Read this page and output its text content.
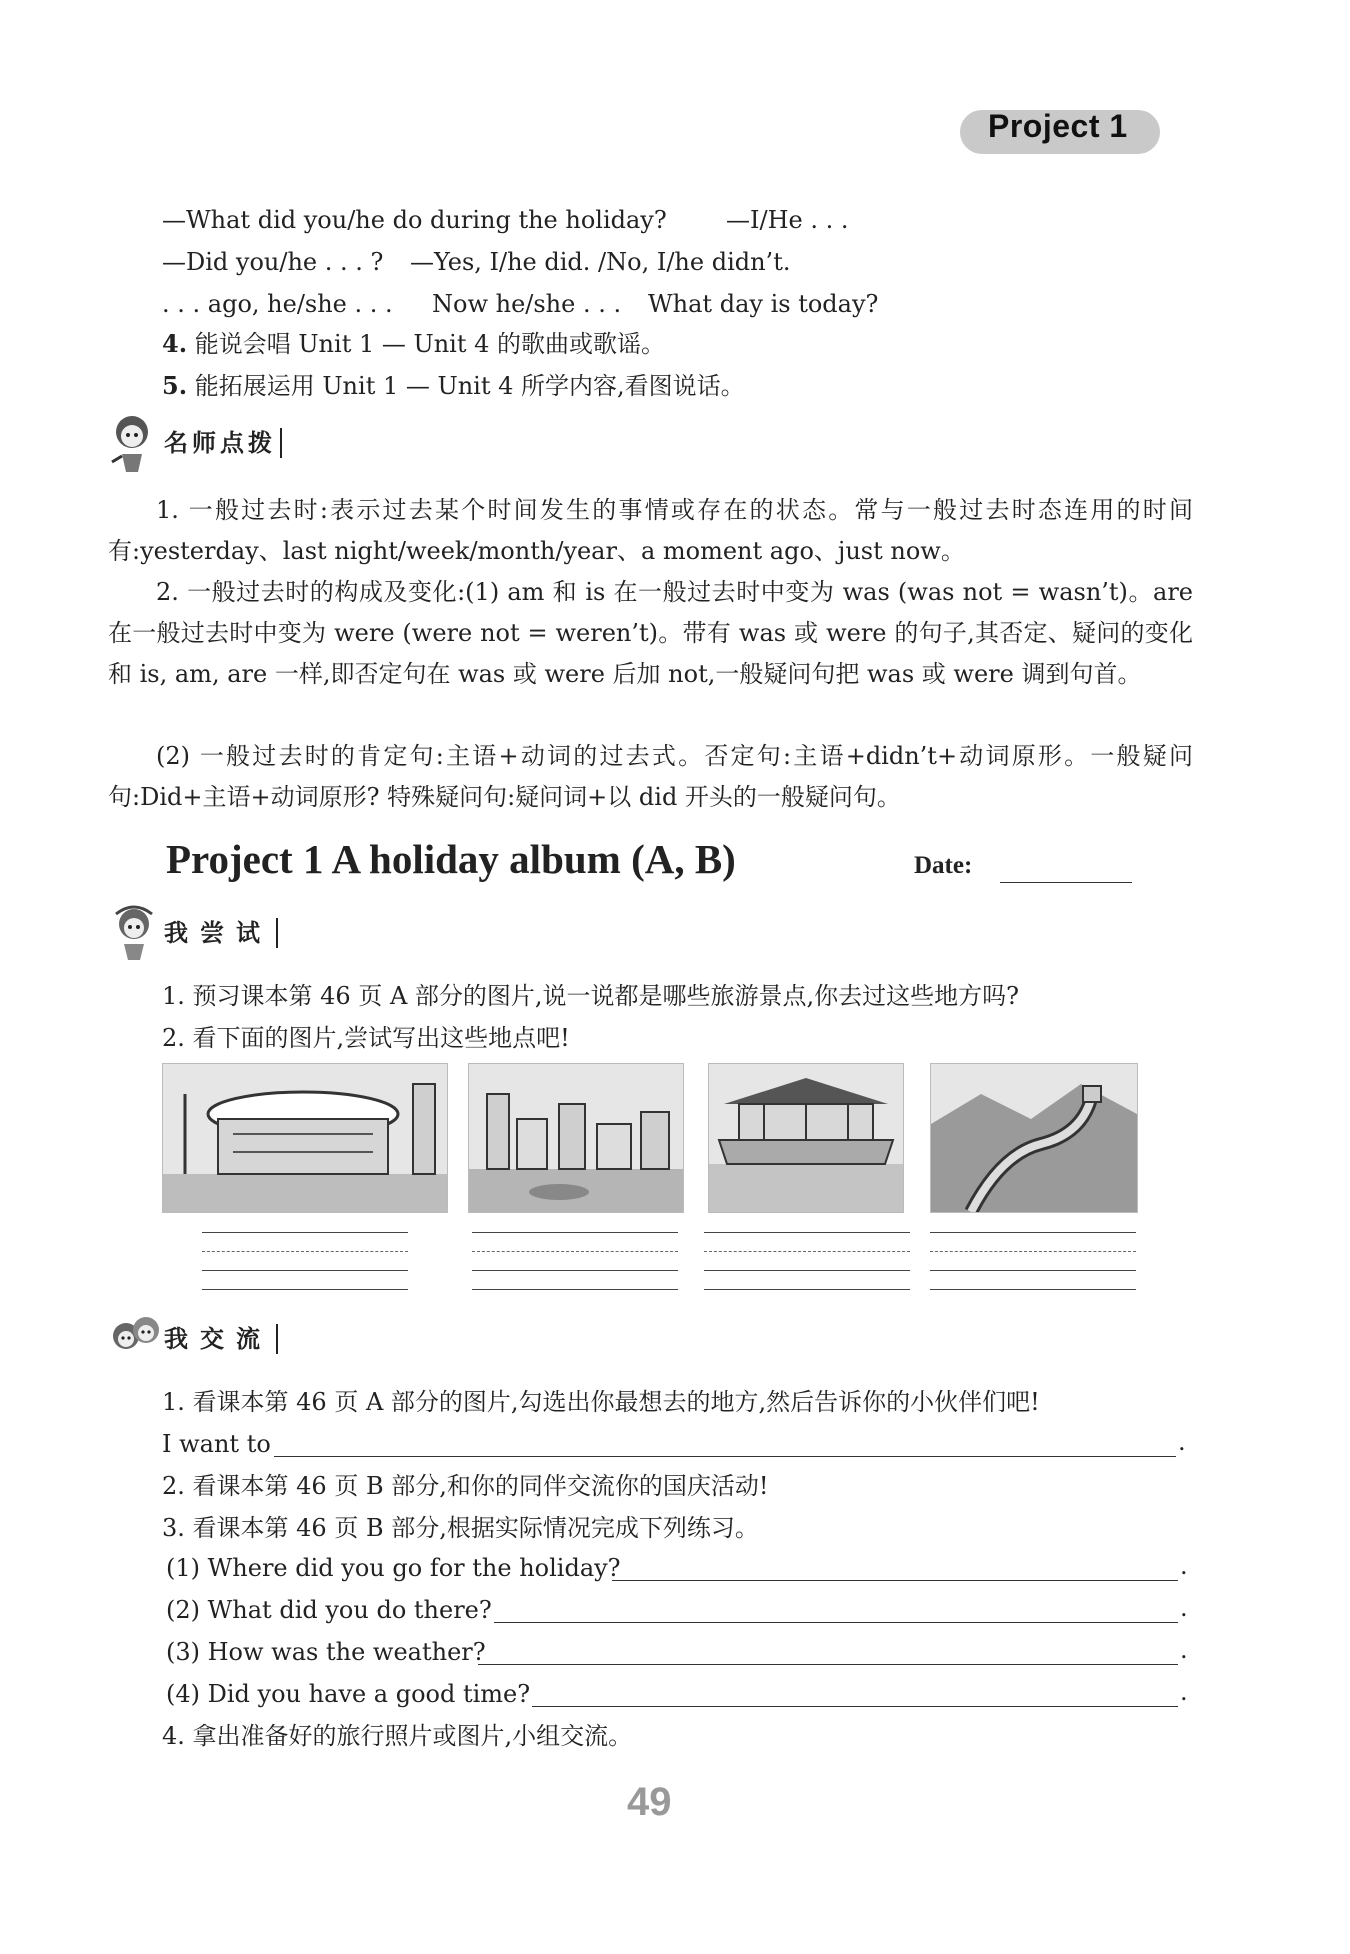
Project 1
—What did you/he do during the holiday? —I/He . . .
—Did you/he . . . ? —Yes, I/he did. /No, I/he didn’t.
. . . ago, he/she . . . Now he/she . . . What day is today?
4. 能说会唱 Unit 1 — Unit 4 的歌曲或歌谣。
5. 能拓展运用 Unit 1 — Unit 4 所学内容,看图说话。
名师点拨
1. 一般过去时:表示过去某个时间发生的事情或存在的状态。常与一般过去时态连用的时间有:yesterday、last night/week/month/year、a moment ago、just now。
2. 一般过去时的构成及变化:(1) am 和 is 在一般过去时中变为 was (was not = wasn’t)。are 在一般过去时中变为 were (were not = weren’t)。带有 was 或 were 的句子,其否定、疑问的变化和 is, am, are 一样,即否定句在 was 或 were 后加 not,一般疑问句把 was 或 were 调到句首。
(2) 一般过去时的肯定句:主语+动词的过去式。否定句:主语+didn’t+动词原形。一般疑问句:Did+主语+动词原形? 特殊疑问句:疑问词+以 did 开头的一般疑问句。
Project 1 A holiday album (A, B)	Date:
我尝试
1. 预习课本第 46 页 A 部分的图片,说一说都是哪些旅游景点,你去过这些地方吗?
2. 看下面的图片,尝试写出这些地点吧!
我交流
1. 看课本第 46 页 A 部分的图片,勾选出你最想去的地方,然后告诉你的小伙伴们吧!
I want to	.
2. 看课本第 46 页 B 部分,和你的同伴交流你的国庆活动!
3. 看课本第 46 页 B 部分,根据实际情况完成下列练习。
(1) Where did you go for the holiday?	.
(2) What did you do there?	.
(3) How was the weather?	.
(4) Did you have a good time?	.
4. 拿出准备好的旅行照片或图片,小组交流。
49
